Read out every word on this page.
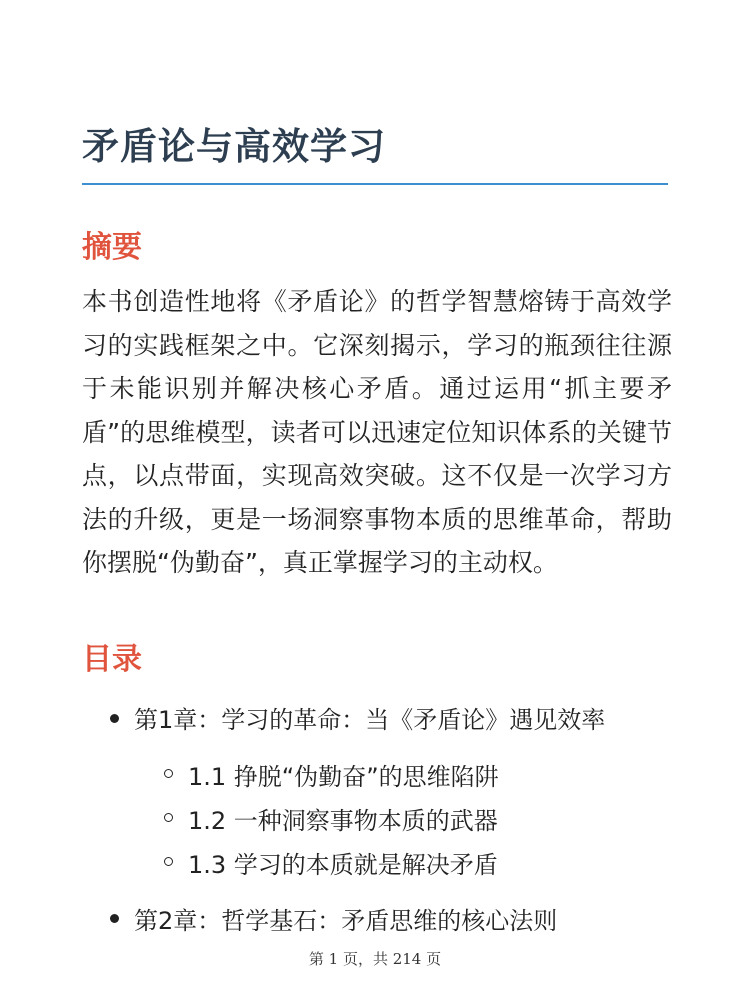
矛盾论与高效学习
摘要
本书创造性地将《矛盾论》的哲学智慧熔铸于高效学习的实践框架之中。它深刻揭示，学习的瓶颈往往源于未能识别并解决核心矛盾。通过运用“抓主要矛盾”的思维模型，读者可以迅速定位知识体系的关键节点，以点带面，实现高效突破。这不仅是一次学习方法的升级，更是一场洞察事物本质的思维革命，帮助你摆脱“伪勤奋”，真正掌握学习的主动权。
目录
第1章：学习的革命：当《矛盾论》遇见效率
1.1 挣脱“伪勤奋”的思维陷阱
1.2 一种洞察事物本质的武器
1.3 学习的本质就是解决矛盾
第2章：哲学基石：矛盾思维的核心法则
第 1 页，共 214 页
